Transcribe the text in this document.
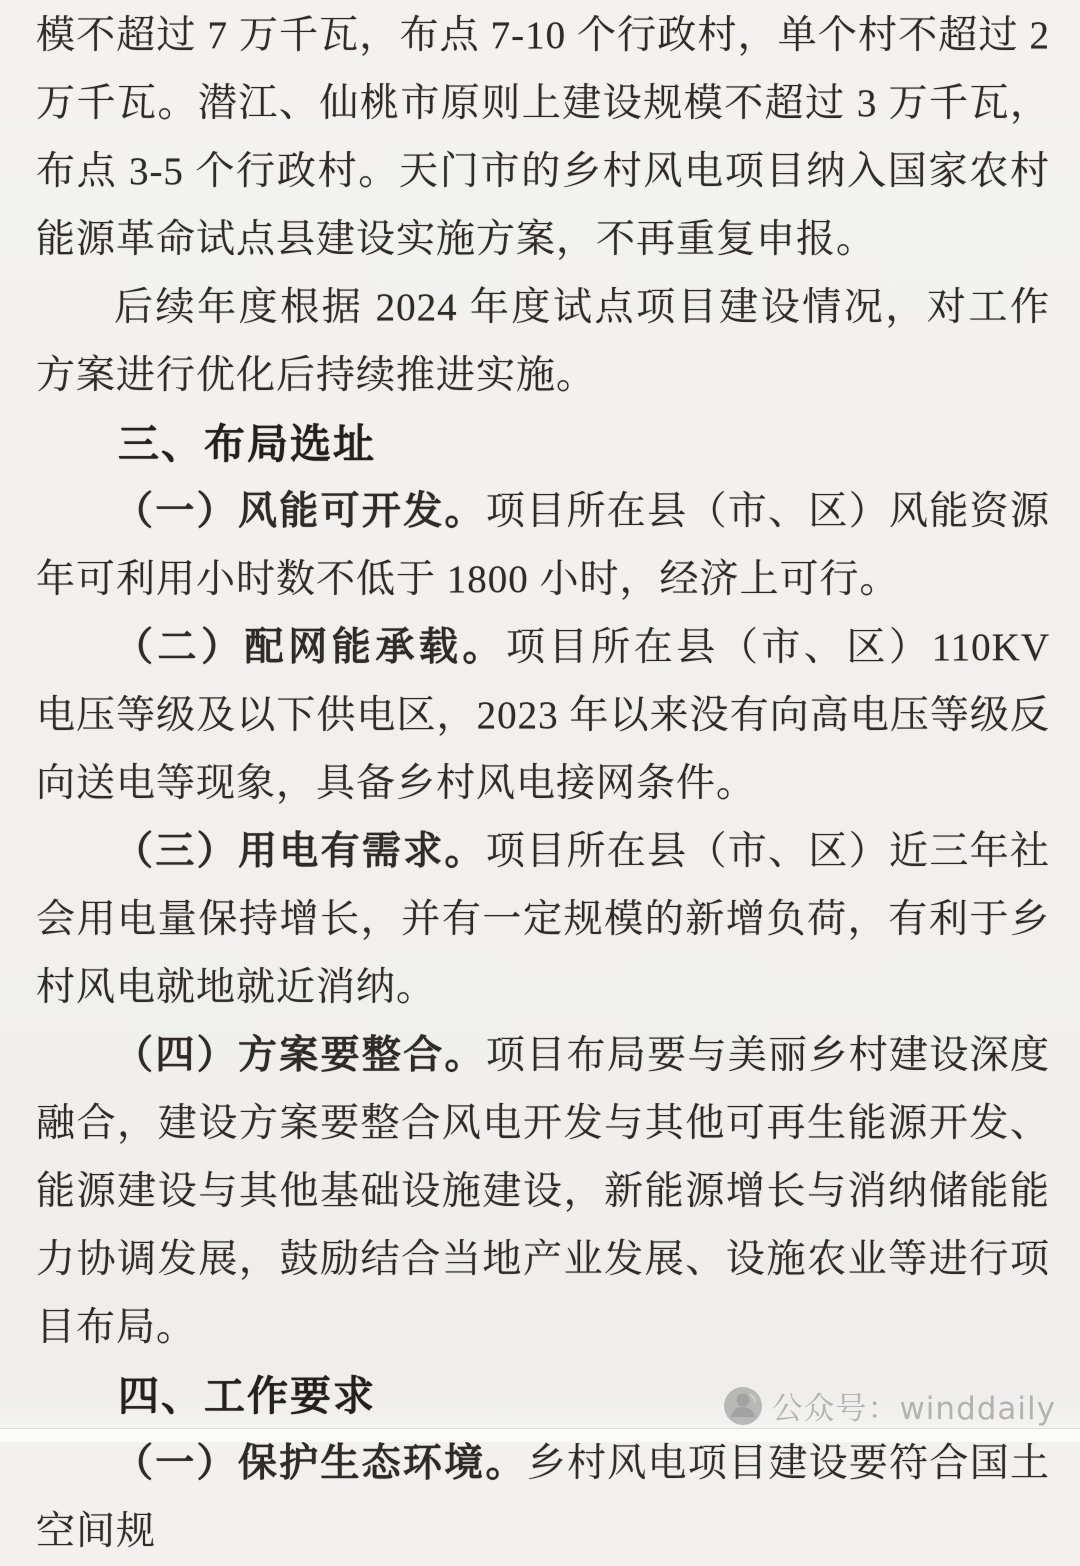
模不超过 7 万千瓦，布点 7-10 个行政村，单个村不超过 2 万千瓦。潜江、仙桃市原则上建设规模不超过 3 万千瓦，布点 3-5 个行政村。天门市的乡村风电项目纳入国家农村能源革命试点县建设实施方案，不再重复申报。

后续年度根据 2024 年度试点项目建设情况，对工作方案进行优化后持续推进实施。

三、布局选址

（一）风能可开发。项目所在县（市、区）风能资源年可利用小时数不低于 1800 小时，经济上可行。

（二）配网能承载。项目所在县（市、区）110KV 电压等级及以下供电区，2023 年以来没有向高电压等级反向送电等现象，具备乡村风电接网条件。

（三）用电有需求。项目所在县（市、区）近三年社会用电量保持增长，并有一定规模的新增负荷，有利于乡村风电就地就近消纳。

（四）方案要整合。项目布局要与美丽乡村建设深度融合，建设方案要整合风电开发与其他可再生能源开发、能源建设与其他基础设施建设，新能源增长与消纳储能能力协调发展，鼓励结合当地产业发展、设施农业等进行项目布局。

四、工作要求

（一）保护生态环境。乡村风电项目建设要符合国土空间规

公众号：winddaily
